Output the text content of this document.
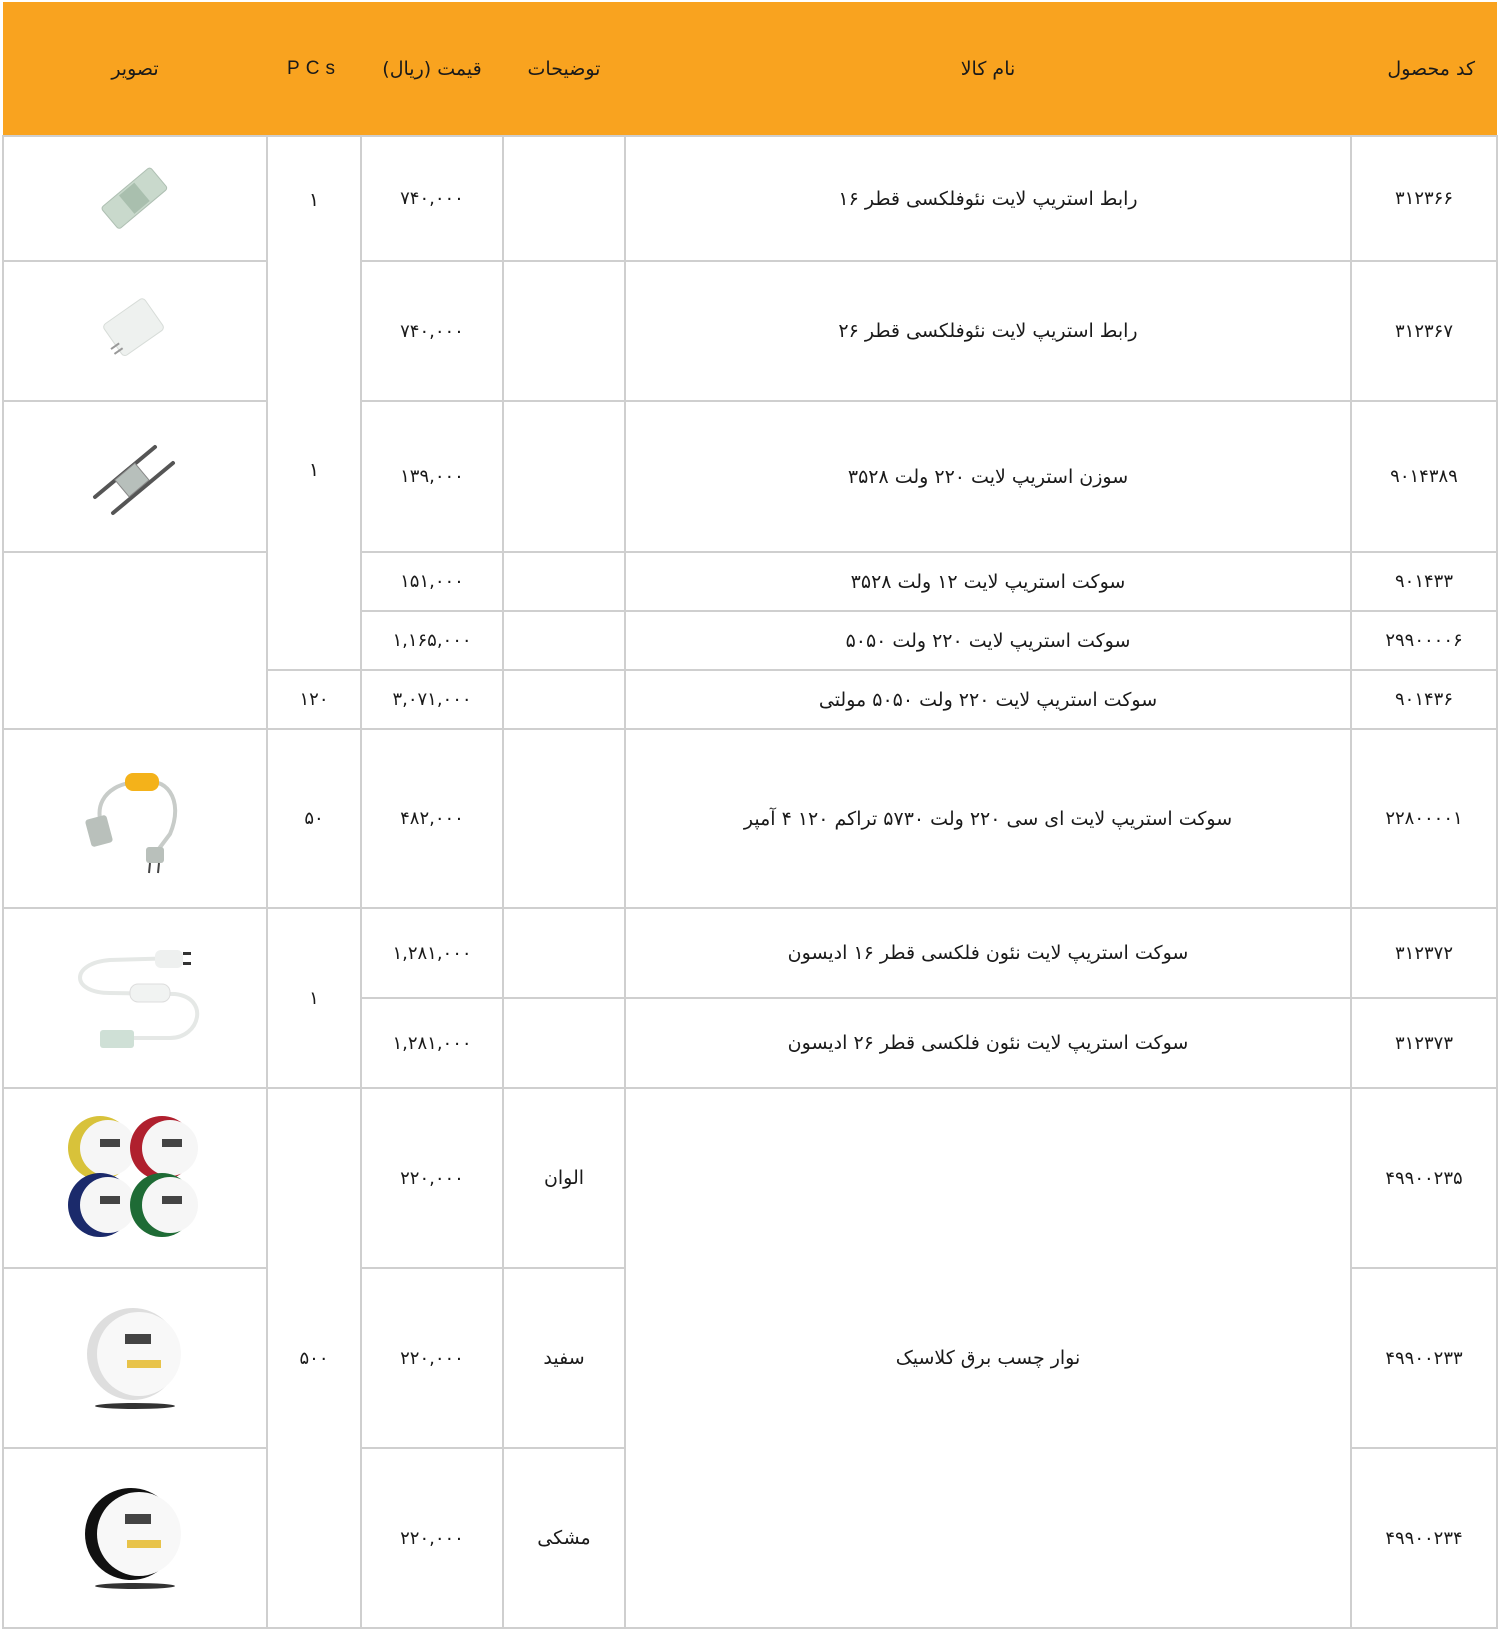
کد محصول	نام کالا	توضیحات	قیمت (ریال)	PCs	تصویر
۳۱۲۳۶۶	رابط استریپ لایت نئوفلکسی قطر ۱۶		۷۴۰,۰۰۰	۱
۱

۳۱۲۳۶۷	رابط استریپ لایت نئوفلکسی قطر ۲۶		۷۴۰,۰۰۰	

۹۰۱۴۳۸۹	سوزن استریپ لایت ۲۲۰ ولت ۳۵۲۸		۱۳۹,۰۰۰	

۹۰۱۴۳۳	سوکت استریپ لایت ۱۲ ولت ۳۵۲۸		۱۵۱,۰۰۰		
۲۹۹۰۰۰۰۶	سوکت استریپ لایت ۲۲۰ ولت ۵۰۵۰		۱,۱۶۵,۰۰۰		
۹۰۱۴۳۶	سوکت استریپ لایت ۲۲۰ ولت ۵۰۵۰ مولتی		۳,۰۷۱,۰۰۰	۱۲۰	
۲۲۸۰۰۰۰۱	سوکت استریپ لایت ای سی ۲۲۰ ولت ۵۷۳۰ تراکم ۱۲۰ ۴ آمپر		۴۸۲,۰۰۰	۵۰	

۳۱۲۳۷۲	سوکت استریپ لایت نئون فلکسی قطر ۱۶ ادیسون		۱,۲۸۱,۰۰۰	۱	

۳۱۲۳۷۳	سوکت استریپ لایت نئون فلکسی قطر ۲۶ ادیسون		۱,۲۸۱,۰۰۰		
۴۹۹۰۰۲۳۵	نوار چسب برق کلاسیک	الوان	۲۲۰,۰۰۰	۵۰۰	

۴۹۹۰۰۲۳۳		سفید	۲۲۰,۰۰۰	

۴۹۹۰۰۲۳۴		مشکی	۲۲۰,۰۰۰	
